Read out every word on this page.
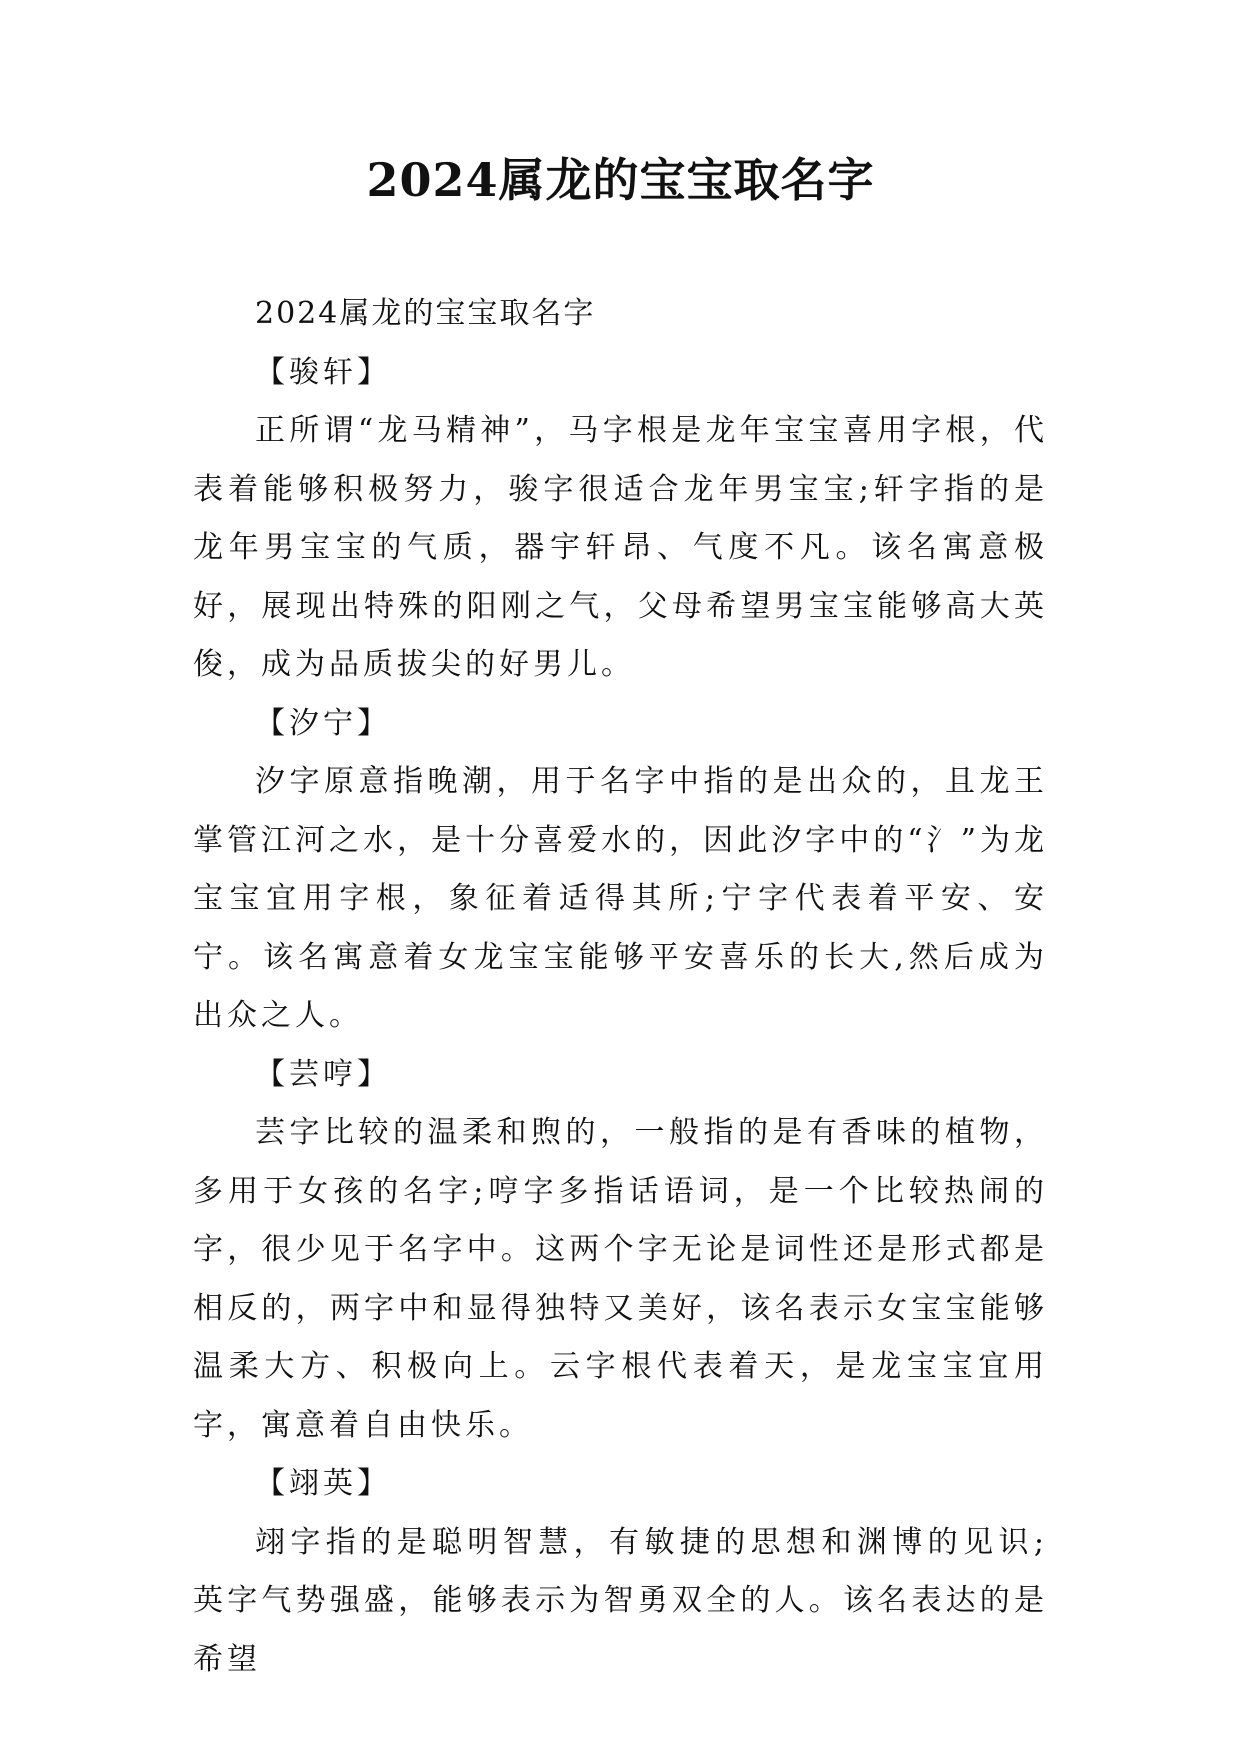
2024属龙的宝宝取名字

2024属龙的宝宝取名字

【骏轩】

正所谓“龙马精神”，马字根是龙年宝宝喜用字根，代表着能够积极努力，骏字很适合龙年男宝宝;轩字指的是龙年男宝宝的气质，器宇轩昂、气度不凡。该名寓意极好，展现出特殊的阳刚之气，父母希望男宝宝能够高大英俊，成为品质拔尖的好男儿。

【汐宁】

汐字原意指晚潮，用于名字中指的是出众的，且龙王掌管江河之水，是十分喜爱水的，因此汐字中的“氵”为龙宝宝宜用字根，象征着适得其所;宁字代表着平安、安宁。该名寓意着女龙宝宝能够平安喜乐的长大,然后成为出众之人。

【芸哼】

芸字比较的温柔和煦的，一般指的是有香味的植物，多用于女孩的名字;哼字多指话语词，是一个比较热闹的字，很少见于名字中。这两个字无论是词性还是形式都是相反的，两字中和显得独特又美好，该名表示女宝宝能够温柔大方、积极向上。云字根代表着天，是龙宝宝宜用字，寓意着自由快乐。

【翊英】

翊字指的是聪明智慧，有敏捷的思想和渊博的见识;英字气势强盛，能够表示为智勇双全的人。该名表达的是希望
